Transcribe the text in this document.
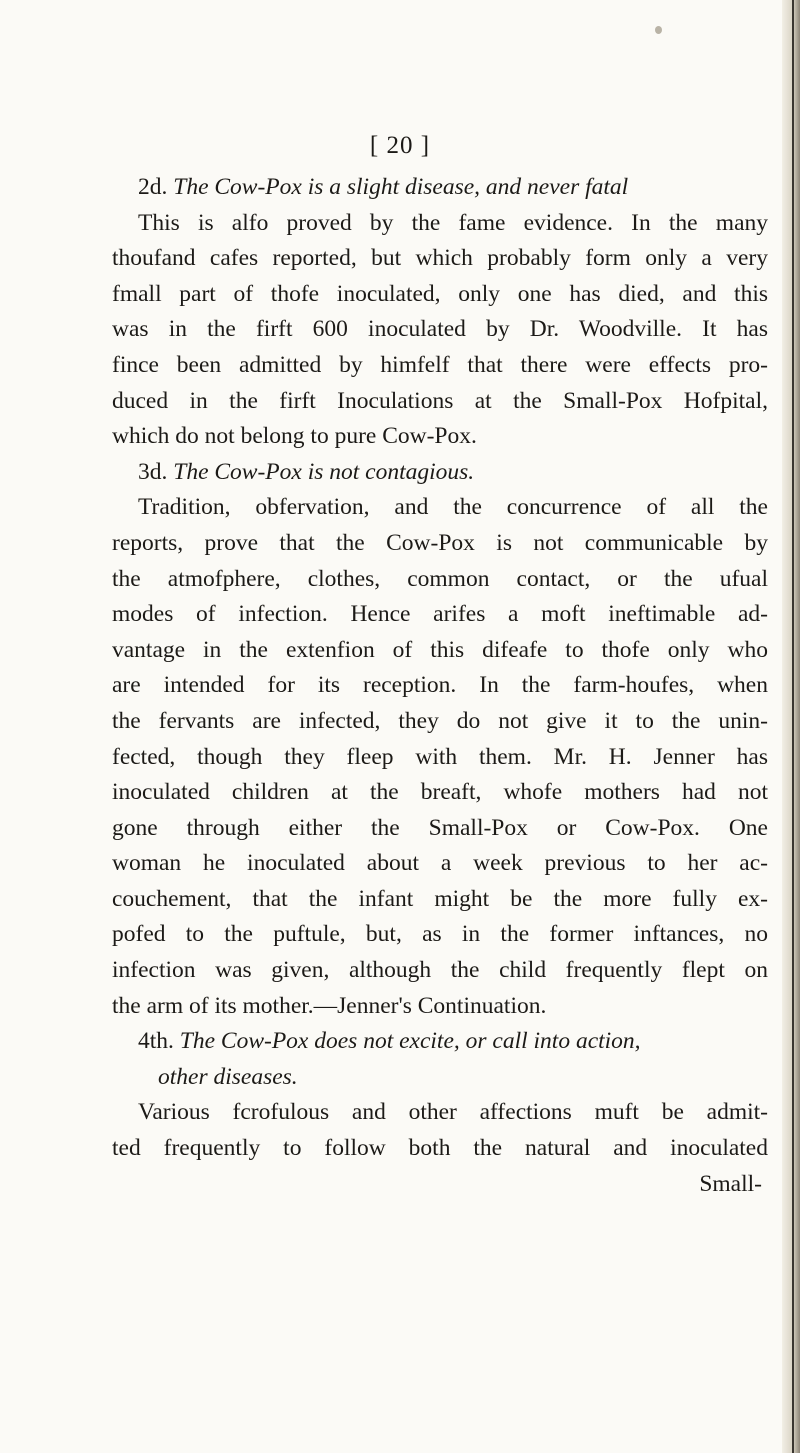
[ 20 ]
2d. The Cow-Pox is a slight disease, and never fatal
This is alfo proved by the fame evidence. In the many
thoufand cafes reported, but which probably form only a very
fmall part of thofe inoculated, only one has died, and this
was in the firft 600 inoculated by Dr. Woodville. It has
fince been admitted by himfelf that there were effects pro-
duced in the firft Inoculations at the Small-Pox Hofpital,
which do not belong to pure Cow-Pox.
3d. The Cow-Pox is not contagious.
Tradition, obfervation, and the concurrence of all the
reports, prove that the Cow-Pox is not communicable by
the atmofphere, clothes, common contact, or the ufual
modes of infection. Hence arifes a moft ineftimable ad-
vantage in the extenfion of this difeafe to thofe only who
are intended for its reception. In the farm-houfes, when
the fervants are infected, they do not give it to the unin-
fected, though they fleep with them. Mr. H. Jenner has
inoculated children at the breaft, whofe mothers had not
gone through either the Small-Pox or Cow-Pox. One
woman he inoculated about a week previous to her ac-
couchement, that the infant might be the more fully ex-
pofed to the puftule, but, as in the former inftances, no
infection was given, although the child frequently flept on
the arm of its mother.—Jenner's Continuation.
4th. The Cow-Pox does not excite, or call into action,
other diseases.
Various fcrofulous and other affections muft be admit-
ted frequently to follow both the natural and inoculated
Small-
